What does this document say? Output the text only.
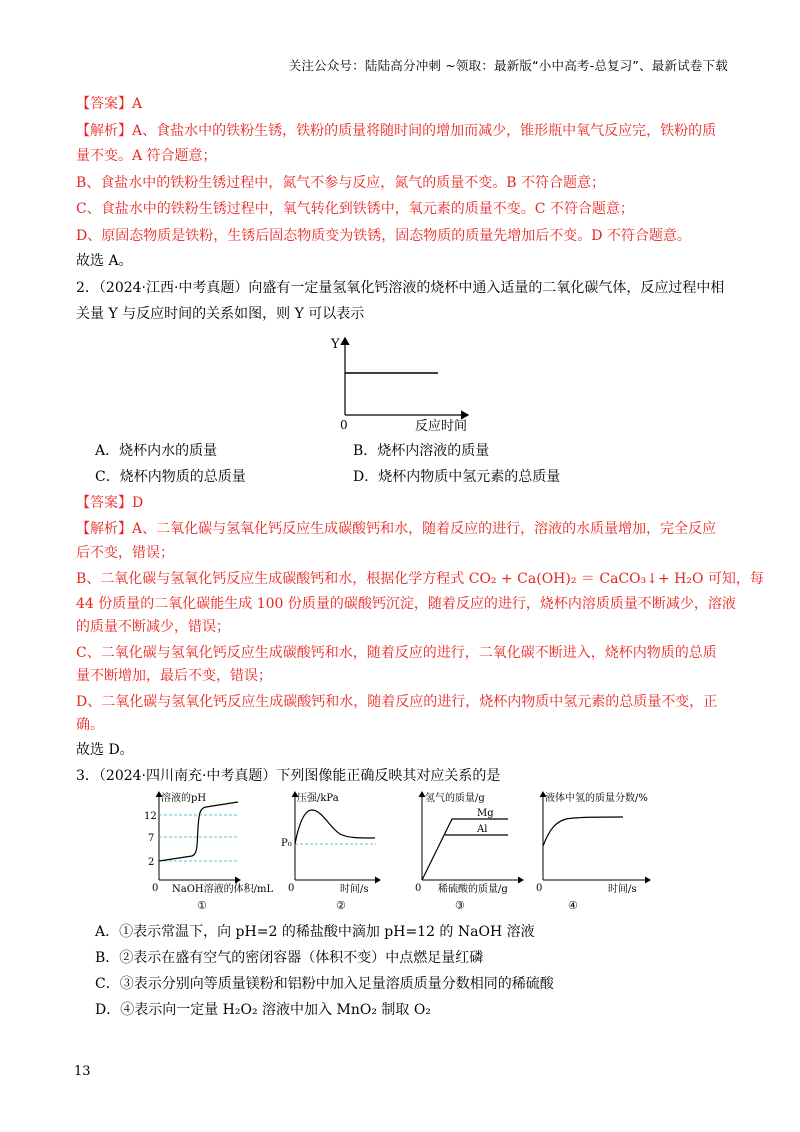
关注公众号：陆陆高分冲刺 ~领取：最新版“小中高考-总复习”、最新试卷下载
【答案】A
【解析】A、食盐水中的铁粉生锈，铁粉的质量将随时间的增加而减少，锥形瓶中氧气反应完，铁粉的质
量不变。A 符合题意；
B、食盐水中的铁粉生锈过程中，氮气不参与反应，氮气的质量不变。B 不符合题意；
C、食盐水中的铁粉生锈过程中，氧气转化到铁锈中，氧元素的质量不变。C 不符合题意；
D、原固态物质是铁粉，生锈后固态物质变为铁锈，固态物质的质量先增加后不变。D 不符合题意。
故选 A。
2．（2024·江西·中考真题）向盛有一定量氢氧化钙溶液的烧杯中通入适量的二氧化碳气体，反应过程中相
关量 Y 与反应时间的关系如图，则 Y 可以表示
Y
0	反应时间
A．烧杯内水的质量	B．烧杯内溶液的质量
C．烧杯内物质的总质量	D．烧杯内物质中氢元素的总质量
【答案】D
【解析】A、二氧化碳与氢氧化钙反应生成碳酸钙和水，随着反应的进行，溶液的水质量增加，完全反应
后不变，错误；
B、二氧化碳与氢氧化钙反应生成碳酸钙和水，根据化学方程式 CO₂ + Ca(OH)₂ ＝ CaCO₃↓+ H₂O 可知，每
44 份质量的二氧化碳能生成 100 份质量的碳酸钙沉淀，随着反应的进行，烧杯内溶质质量不断减少，溶液
的质量不断减少，错误；
C、二氧化碳与氢氧化钙反应生成碳酸钙和水，随着反应的进行，二氧化碳不断进入，烧杯内物质的总质
量不断增加，最后不变，错误；
D、二氧化碳与氢氧化钙反应生成碳酸钙和水，随着反应的进行，烧杯内物质中氢元素的总质量不变，正
确。
故选 D。
3．（2024·四川南充·中考真题）下列图像能正确反映其对应关系的是
溶液的pH
12
7
2
0 NaOH溶液的体积/mL
①
压强/kPa
P₀
0	时间/s
②
氢气的质量/g
Mg
Al
0 稀硫酸的质量/g
③
液体中氢的质量分数/%
0	时间/s
④
A．①表示常温下，向 pH=2 的稀盐酸中滴加 pH=12 的 NaOH 溶液
B．②表示在盛有空气的密闭容器（体积不变）中点燃足量红磷
C．③表示分别向等质量镁粉和铝粉中加入足量溶质质量分数相同的稀硫酸
D．④表示向一定量 H₂O₂ 溶液中加入 MnO₂ 制取 O₂
13
